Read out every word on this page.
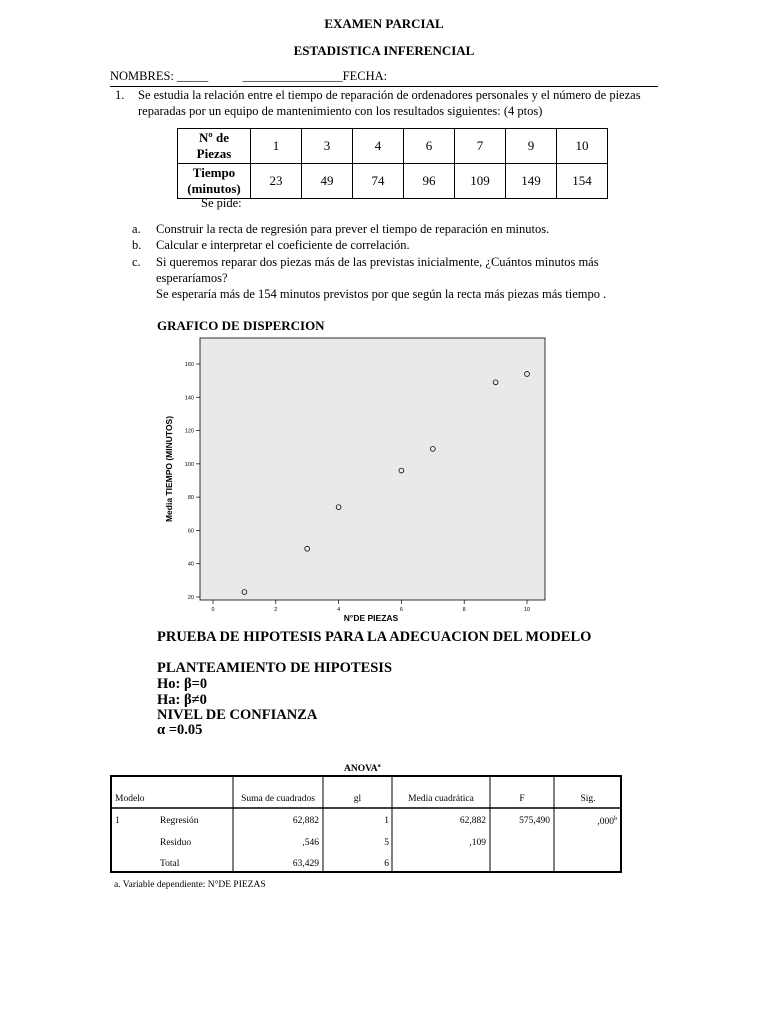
EXAMEN PARCIAL
ESTADISTICA INFERENCIAL
NOMBRES: _____           ________________FECHA:
1. Se estudia la relación entre el tiempo de reparación de ordenadores personales y el número de piezas
reparadas por un equipo de mantenimiento con los resultados siguientes: (4 ptos)
Nº de
Piezas	1	3	4	6	7	9	10

Tiempo
(minutos)	23	49	74	96	109	149	154
Se pide:
a. Construir la recta de regresión para prever el tiempo de reparación en minutos.
b. Calcular e interpretar el coeficiente de correlación.
c. Si queremos reparar dos piezas más de las previstas inicialmente, ¿Cuántos minutos más
esperaríamos?
Se esperaría más de 154 minutos previstos por que según la recta más piezas más tiempo .
GRAFICO DE DISPERCION
20
40
60
80
100
120
140
160
0	2	4	6	8	10
Media TIEMPO (MINUTOS)
N°DE PIEZAS
PRUEBA DE HIPOTESIS PARA LA ADECUACION DEL MODELO
PLANTEAMIENTO DE HIPOTESIS
Ho: β=0
Ha: β≠0
NIVEL DE CONFIANZA
α =0.05
ANOVA$^a$
Modelo	Suma de cuadrados	gl	Media cuadrática	F	Sig.
1	Regresión	62,882	1	62,882	575,490	,000$^b$
Residuo	,546	5	,109
Total	63,429	6
a. Variable dependiente: N°DE PIEZAS
